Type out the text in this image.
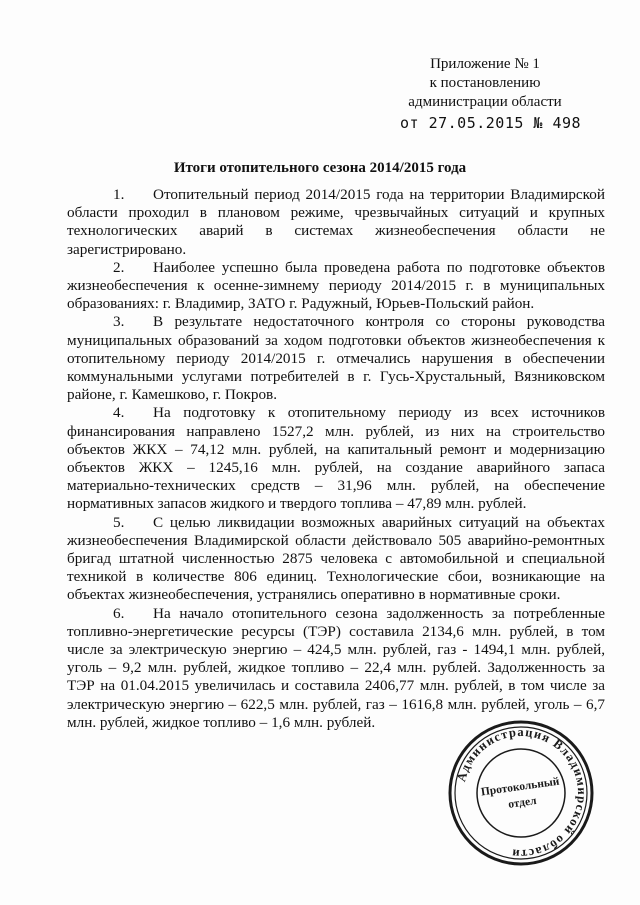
Приложение № 1
к постановлению
администрации области
от 27.05.2015 № 498
Итоги отопительного сезона 2014/2015 года

1. Отопительный период 2014/2015 года на территории Владимирской области проходил в плановом режиме, чрезвычайных ситуаций и крупных технологических аварий в системах жизнеобеспечения области не зарегистрировано.

2. Наиболее успешно была проведена работа по подготовке объектов жизнеобеспечения к осенне-зимнему периоду 2014/2015 г. в муниципальных образованиях: г. Владимир, ЗАТО г. Радужный, Юрьев-Польский район.

3. В результате недостаточного контроля со стороны руководства муниципальных образований за ходом подготовки объектов жизнеобеспечения к отопительному периоду 2014/2015 г. отмечались нарушения в обеспечении коммунальными услугами потребителей в г. Гусь-Хрустальный, Вязниковском районе, г. Камешково, г. Покров.

4. На подготовку к отопительному периоду из всех источников финансирования направлено 1527,2 млн. рублей, из них на строительство объектов ЖКХ – 74,12 млн. рублей, на капитальный ремонт и модернизацию объектов ЖКХ – 1245,16 млн. рублей, на создание аварийного запаса материально-технических средств – 31,96 млн. рублей, на обеспечение нормативных запасов жидкого и твердого топлива – 47,89 млн. рублей.

5. С целью ликвидации возможных аварийных ситуаций на объектах жизнеобеспечения Владимирской области действовало 505 аварийно-ремонтных бригад штатной численностью 2875 человека с автомобильной и специальной техникой в количестве 806 единиц. Технологические сбои, возникающие на объектах жизнеобеспечения, устранялись оперативно в нормативные сроки.

6. На начало отопительного сезона задолженность за потребленные топливно-энергетические ресурсы (ТЭР) составила 2134,6 млн. рублей, в том числе за электрическую энергию – 424,5 млн. рублей, газ - 1494,1 млн. рублей, уголь – 9,2 млн. рублей, жидкое топливо – 22,4 млн. рублей. Задолженность за ТЭР на 01.04.2015 увеличилась и составила 2406,77 млн. рублей, в том числе за электрическую энергию – 622,5 млн. рублей, газ – 1616,8 млн. рублей, уголь – 6,7 млн. рублей, жидкое топливо – 1,6 млн. рублей.

Администрация Владимирской области
Протокольный
отдел
